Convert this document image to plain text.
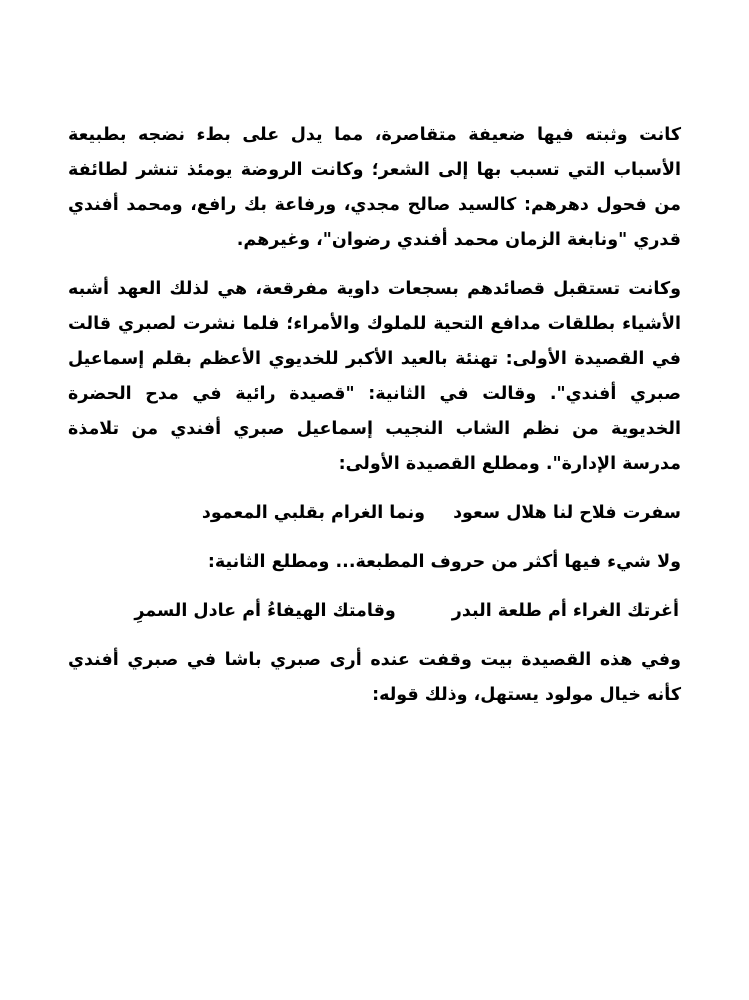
كانت وثبته فيها ضعيفة متقاصرة، مما يدل على بطء نضجه بطبيعة الأسباب التي تسبب بها إلى الشعر؛ وكانت الروضة يومئذ تنشر لطائفة من فحول دهرهم: كالسيد صالح مجدي، ورفاعة بك رافع، ومحمد أفندي قدري "ونابغة الزمان محمد أفندي رضوان"، وغيرهم.

وكانت تستقبل قصائدهم بسجعات داوية مفرقعة، هي لذلك العهد أشبه الأشياء بطلقات مدافع التحية للملوك والأمراء؛ فلما نشرت لصبري قالت في القصيدة الأولى: تهنئة بالعيد الأكبر للخديوي الأعظم بقلم إسماعيل صبري أفندي". وقالت في الثانية: "قصيدة رائية في مدح الحضرة الخديوية من نظم الشاب النجيب إسماعيل صبري أفندي من تلامذة مدرسة الإدارة". ومطلع القصيدة الأولى:

سفرت فلاح لنا هلال سعود
ونما الغرام بقلبي المعمود

ولا شيء فيها أكثر من حروف المطبعة... ومطلع الثانية:

أغرتك الغراء أم طلعة البدر
وقامتك الهيفاءُ أم عادل السمرِ

وفي هذه القصيدة بيت وقفت عنده أرى صبري باشا في صبري أفندي كأنه خيال مولود يستهل، وذلك قوله:
